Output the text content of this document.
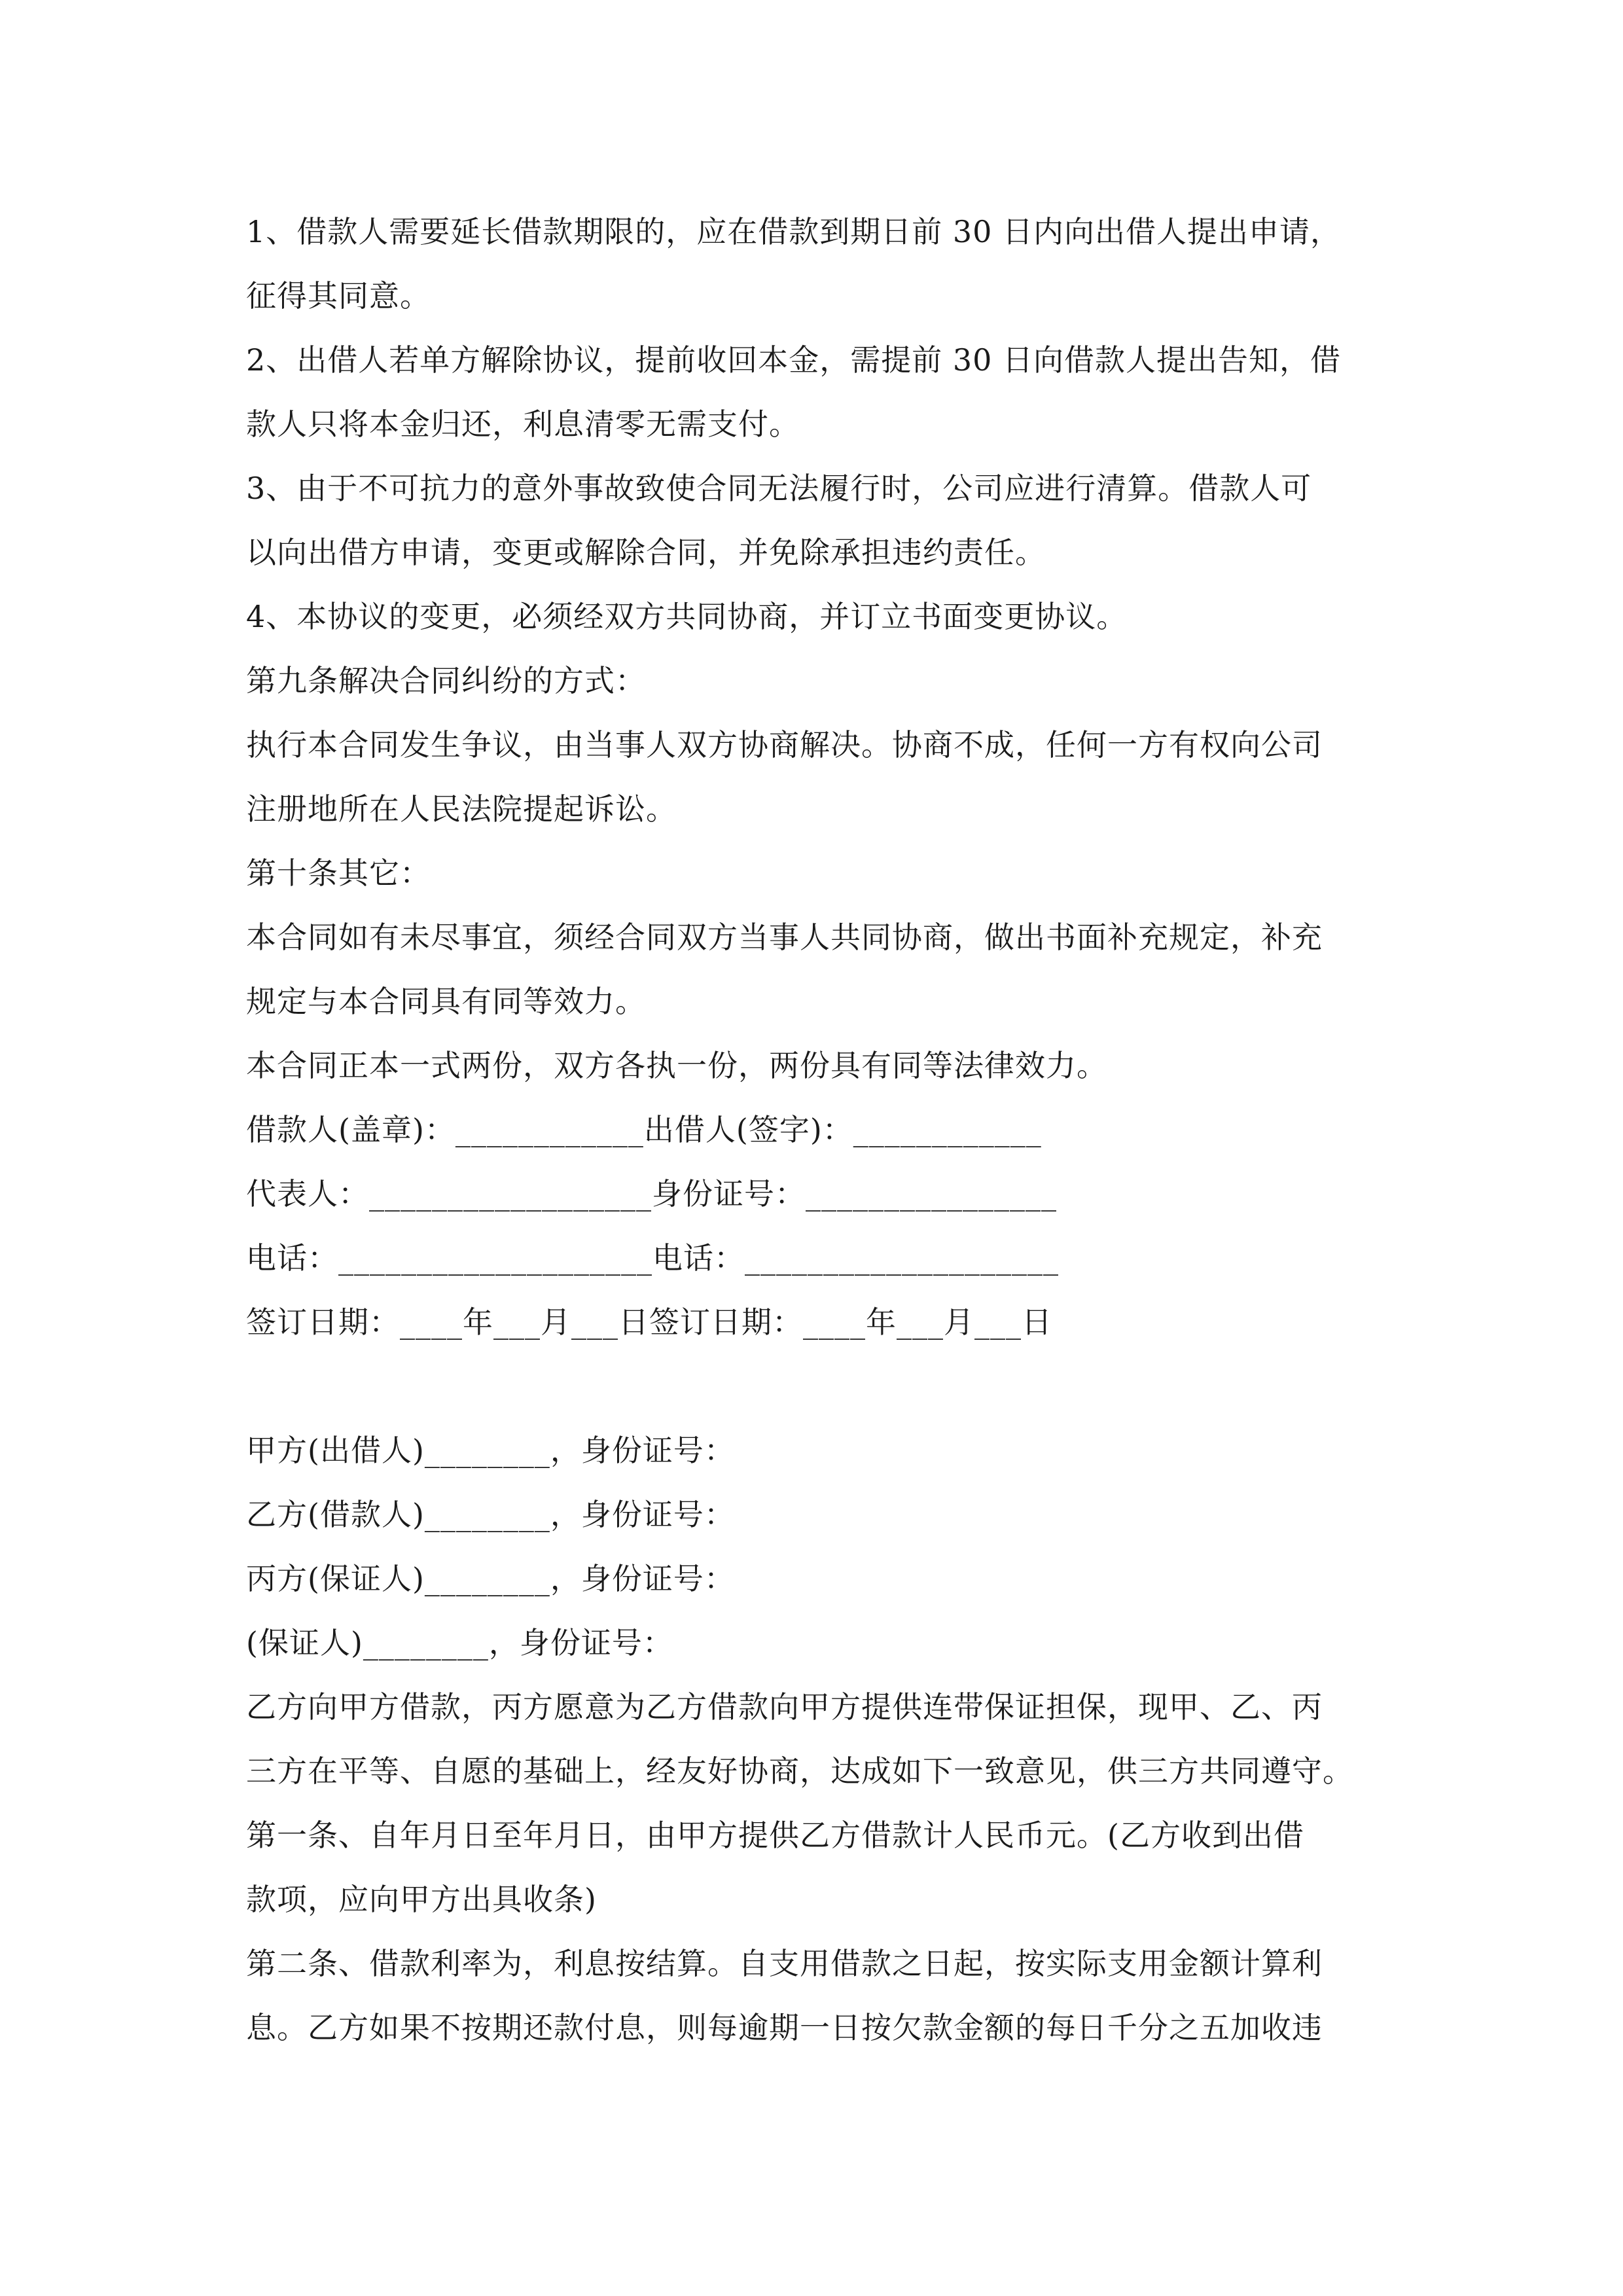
1、借款人需要延长借款期限的，应在借款到期日前 30 日内向出借人提出申请，
征得其同意。
2、出借人若单方解除协议，提前收回本金，需提前 30 日向借款人提出告知，借
款人只将本金归还，利息清零无需支付。
3、由于不可抗力的意外事故致使合同无法履行时，公司应进行清算。借款人可
以向出借方申请，变更或解除合同，并免除承担违约责任。
4、本协议的变更，必须经双方共同协商，并订立书面变更协议。
第九条解决合同纠纷的方式：
执行本合同发生争议，由当事人双方协商解决。协商不成，任何一方有权向公司
注册地所在人民法院提起诉讼。
第十条其它：
本合同如有未尽事宜，须经合同双方当事人共同协商，做出书面补充规定，补充
规定与本合同具有同等效力。
本合同正本一式两份，双方各执一份，两份具有同等法律效力。
借款人(盖章)：____________出借人(签字)：____________
代表人：__________________身份证号：________________
电话：____________________电话：____________________
签订日期：____年___月___日签订日期：____年___月___日
甲方(出借人)________，身份证号：
乙方(借款人)________，身份证号：
丙方(保证人)________，身份证号：
(保证人)________，身份证号：
乙方向甲方借款，丙方愿意为乙方借款向甲方提供连带保证担保，现甲、乙、丙
三方在平等、自愿的基础上，经友好协商，达成如下一致意见，供三方共同遵守。
第一条、自年月日至年月日，由甲方提供乙方借款计人民币元。(乙方收到出借
款项，应向甲方出具收条)
第二条、借款利率为，利息按结算。自支用借款之日起，按实际支用金额计算利
息。乙方如果不按期还款付息，则每逾期一日按欠款金额的每日千分之五加收违
